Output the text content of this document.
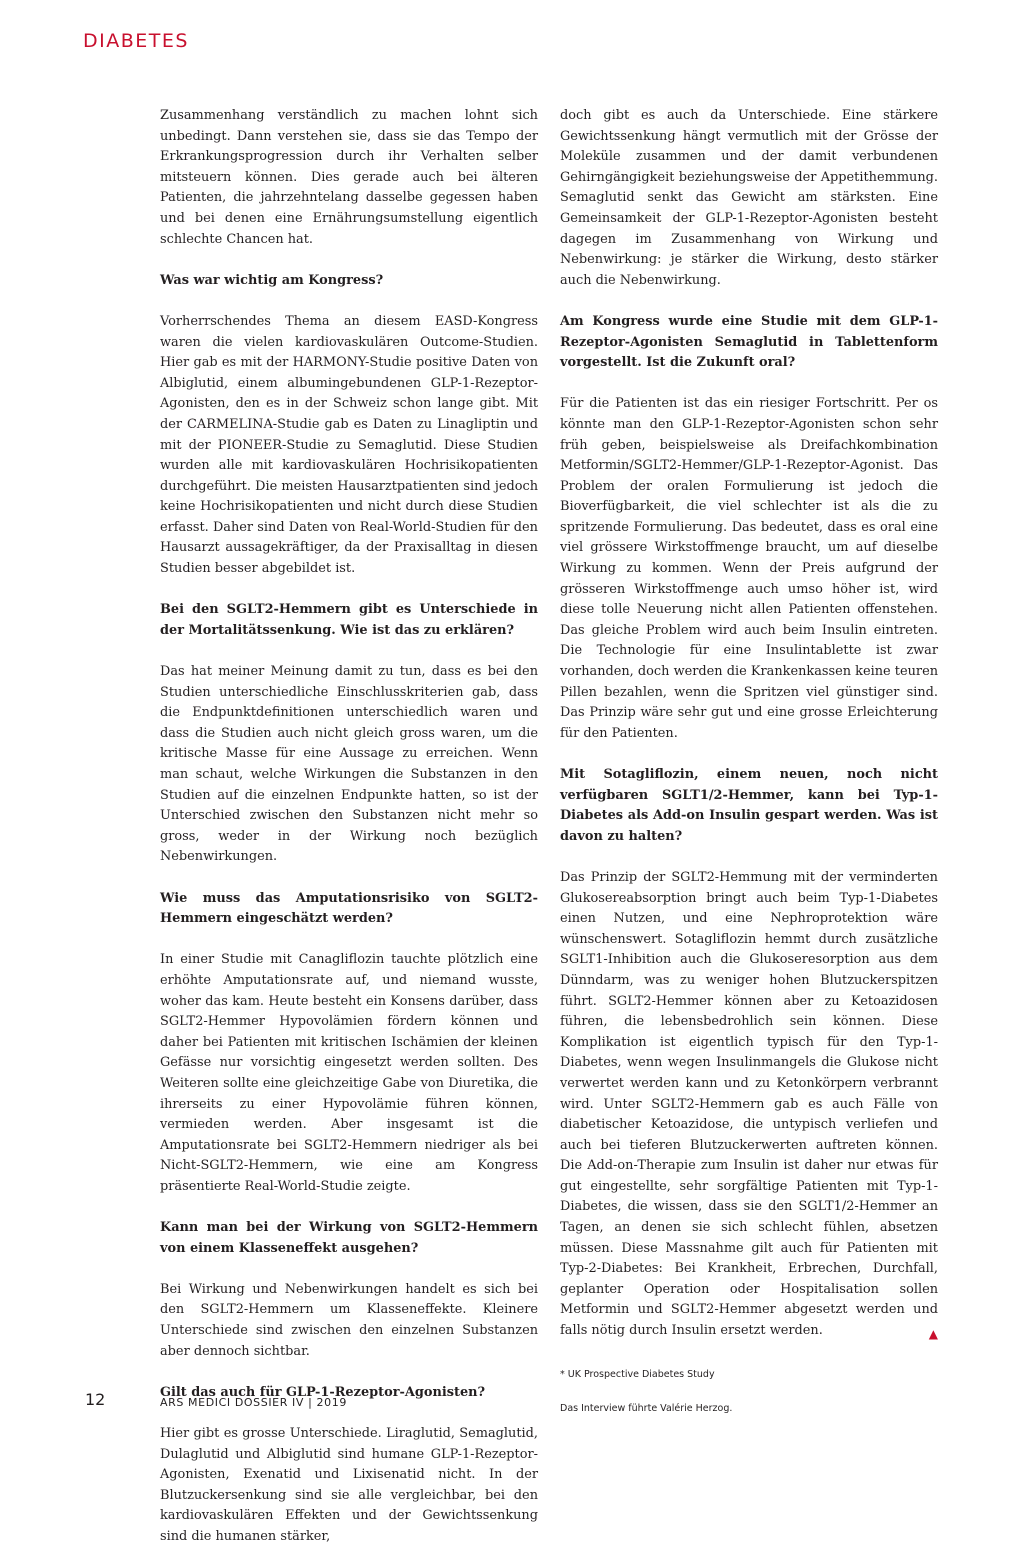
DIABETES

Zusammenhang verständlich zu machen lohnt sich unbedingt. Dann verstehen sie, dass sie das Tempo der Erkrankungsprogression durch ihr Verhalten selber mitsteuern können. Dies gerade auch bei älteren Patienten, die jahrzehntelang dasselbe gegessen haben und bei denen eine Ernährungsumstellung eigentlich schlechte Chancen hat.

Was war wichtig am Kongress?

Vorherrschendes Thema an diesem EASD-Kongress waren die vielen kardiovaskulären Outcome-Studien. Hier gab es mit der HARMONY-Studie positive Daten von Albiglutid, einem albumingebundenen GLP-1-Rezeptor-Agonisten, den es in der Schweiz schon lange gibt. Mit der CARMELINA-Studie gab es Daten zu Linagliptin und mit der PIONEER-Studie zu Semaglutid. Diese Studien wurden alle mit kardiovaskulären Hochrisikopatienten durchgeführt. Die meisten Hausarztpatienten sind jedoch keine Hochrisikopatienten und nicht durch diese Studien erfasst. Daher sind Daten von Real-World-Studien für den Hausarzt aussagekräftiger, da der Praxisalltag in diesen Studien besser abgebildet ist.

Bei den SGLT2-Hemmern gibt es Unterschiede in der Mortalitätssenkung. Wie ist das zu erklären?

Das hat meiner Meinung damit zu tun, dass es bei den Studien unterschiedliche Einschlusskriterien gab, dass die Endpunktdefinitionen unterschiedlich waren und dass die Studien auch nicht gleich gross waren, um die kritische Masse für eine Aussage zu erreichen. Wenn man schaut, welche Wirkungen die Substanzen in den Studien auf die einzelnen Endpunkte hatten, so ist der Unterschied zwischen den Substanzen nicht mehr so gross, weder in der Wirkung noch bezüglich Nebenwirkungen.

Wie muss das Amputationsrisiko von SGLT2-Hemmern eingeschätzt werden?

In einer Studie mit Canagliflozin tauchte plötzlich eine erhöhte Amputationsrate auf, und niemand wusste, woher das kam. Heute besteht ein Konsens darüber, dass SGLT2-Hemmer Hypovolämien fördern können und daher bei Patienten mit kritischen Ischämien der kleinen Gefässe nur vorsichtig eingesetzt werden sollten. Des Weiteren sollte eine gleichzeitige Gabe von Diuretika, die ihrerseits zu einer Hypovolämie führen können, vermieden werden. Aber insgesamt ist die Amputationsrate bei SGLT2-Hemmern niedriger als bei Nicht-SGLT2-Hemmern, wie eine am Kongress präsentierte Real-World-Studie zeigte.

Kann man bei der Wirkung von SGLT2-Hemmern von einem Klasseneffekt ausgehen?

Bei Wirkung und Nebenwirkungen handelt es sich bei den SGLT2-Hemmern um Klasseneffekte. Kleinere Unterschiede sind zwischen den einzelnen Substanzen aber dennoch sichtbar.

Gilt das auch für GLP-1-Rezeptor-Agonisten?

Hier gibt es grosse Unterschiede. Liraglutid, Semaglutid, Dulaglutid und Albiglutid sind humane GLP-1-Rezeptor-Agonisten, Exenatid und Lixisenatid nicht. In der Blutzuckersenkung sind sie alle vergleichbar, bei den kardiovaskulären Effekten und der Gewichtssenkung sind die humanen stärker,

doch gibt es auch da Unterschiede. Eine stärkere Gewichtssenkung hängt vermutlich mit der Grösse der Moleküle zusammen und der damit verbundenen Gehirngängigkeit beziehungsweise der Appetithemmung. Semaglutid senkt das Gewicht am stärksten. Eine Gemeinsamkeit der GLP-1-Rezeptor-Agonisten besteht dagegen im Zusammenhang von Wirkung und Nebenwirkung: je stärker die Wirkung, desto stärker auch die Nebenwirkung.

Am Kongress wurde eine Studie mit dem GLP-1-Rezeptor-Agonisten Semaglutid in Tablettenform vorgestellt. Ist die Zukunft oral?

Für die Patienten ist das ein riesiger Fortschritt. Per os könnte man den GLP-1-Rezeptor-Agonisten schon sehr früh geben, beispielsweise als Dreifachkombination Metformin/SGLT2-Hemmer/GLP-1-Rezeptor-Agonist. Das Problem der oralen Formulierung ist jedoch die Bioverfügbarkeit, die viel schlechter ist als die zu spritzende Formulierung. Das bedeutet, dass es oral eine viel grössere Wirkstoffmenge braucht, um auf dieselbe Wirkung zu kommen. Wenn der Preis aufgrund der grösseren Wirkstoffmenge auch umso höher ist, wird diese tolle Neuerung nicht allen Patienten offenstehen. Das gleiche Problem wird auch beim Insulin eintreten. Die Technologie für eine Insulintablette ist zwar vorhanden, doch werden die Krankenkassen keine teuren Pillen bezahlen, wenn die Spritzen viel günstiger sind. Das Prinzip wäre sehr gut und eine grosse Erleichterung für den Patienten.

Mit Sotagliflozin, einem neuen, noch nicht verfügbaren SGLT1/2-Hemmer, kann bei Typ-1-Diabetes als Add-on Insulin gespart werden. Was ist davon zu halten?

Das Prinzip der SGLT2-Hemmung mit der verminderten Glukosereabsorption bringt auch beim Typ-1-Diabetes einen Nutzen, und eine Nephroprotektion wäre wünschenswert. Sotagliflozin hemmt durch zusätzliche SGLT1-Inhibition auch die Glukoseresorption aus dem Dünndarm, was zu weniger hohen Blutzuckerspitzen führt. SGLT2-Hemmer können aber zu Ketoazidosen führen, die lebensbedrohlich sein können. Diese Komplikation ist eigentlich typisch für den Typ-1-Diabetes, wenn wegen Insulinmangels die Glukose nicht verwertet werden kann und zu Ketonkörpern verbrannt wird. Unter SGLT2-Hemmern gab es auch Fälle von diabetischer Ketoazidose, die untypisch verliefen und auch bei tieferen Blutzuckerwerten auftreten können. Die Add-on-Therapie zum Insulin ist daher nur etwas für gut eingestellte, sehr sorgfältige Patienten mit Typ-1-Diabetes, die wissen, dass sie den SGLT1/2-Hemmer an Tagen, an denen sie sich schlecht fühlen, absetzen müssen. Diese Massnahme gilt auch für Patienten mit Typ-2-Diabetes: Bei Krankheit, Erbrechen, Durchfall, geplanter Operation oder Hospitalisation sollen Metformin und SGLT2-Hemmer abgesetzt werden und falls nötig durch Insulin ersetzt werden.	▲

* UK Prospective Diabetes Study

Das Interview führte Valérie Herzog.

12	ARS MEDICI DOSSIER IV | 2019
